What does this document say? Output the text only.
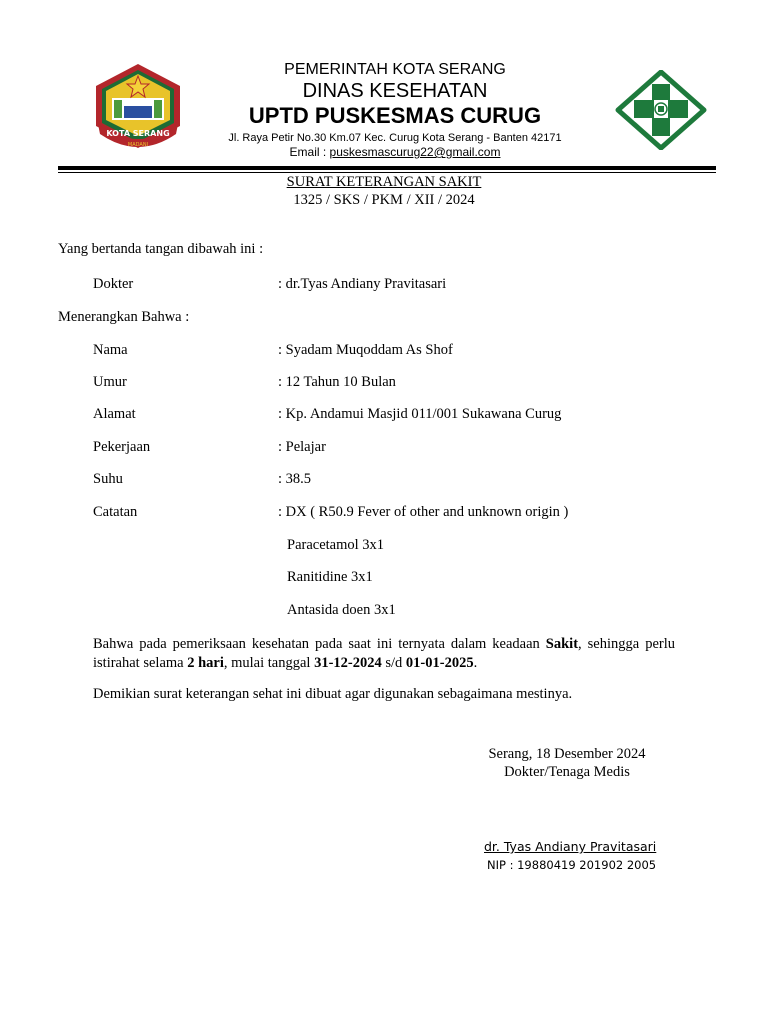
KOTA SERANG
MADANI
PEMERINTAH KOTA SERANG
DINAS KESEHATAN
UPTD PUSKESMAS CURUG
Jl. Raya Petir No.30 Km.07 Kec. Curug Kota Serang - Banten 42171
Email : puskesmascurug22@gmail.com
SURAT KETERANGAN SAKIT
1325 / SKS / PKM / XII / 2024
Yang bertanda tangan dibawah ini :
Dokter	: dr.Tyas Andiany Pravitasari
Menerangkan Bahwa :
Nama	: Syadam Muqoddam As Shof
Umur	: 12 Tahun 10 Bulan
Alamat	: Kp. Andamui Masjid 011/001 Sukawana Curug
Pekerjaan	: Pelajar
Suhu	: 38.5
Catatan	: DX ( R50.9 Fever of other and unknown origin )
Paracetamol 3x1
Ranitidine 3x1
Antasida doen 3x1
Bahwa pada pemeriksaan kesehatan pada saat ini ternyata dalam keadaan Sakit, sehingga perlu istirahat selama 2 hari, mulai tanggal 31-12-2024 s/d 01-01-2025.
Demikian surat keterangan sehat ini dibuat agar digunakan sebagaimana mestinya.
Serang, 18 Desember 2024
Dokter/Tenaga Medis
dr. Tyas Andiany Pravitasari
NIP : 19880419 201902 2005
